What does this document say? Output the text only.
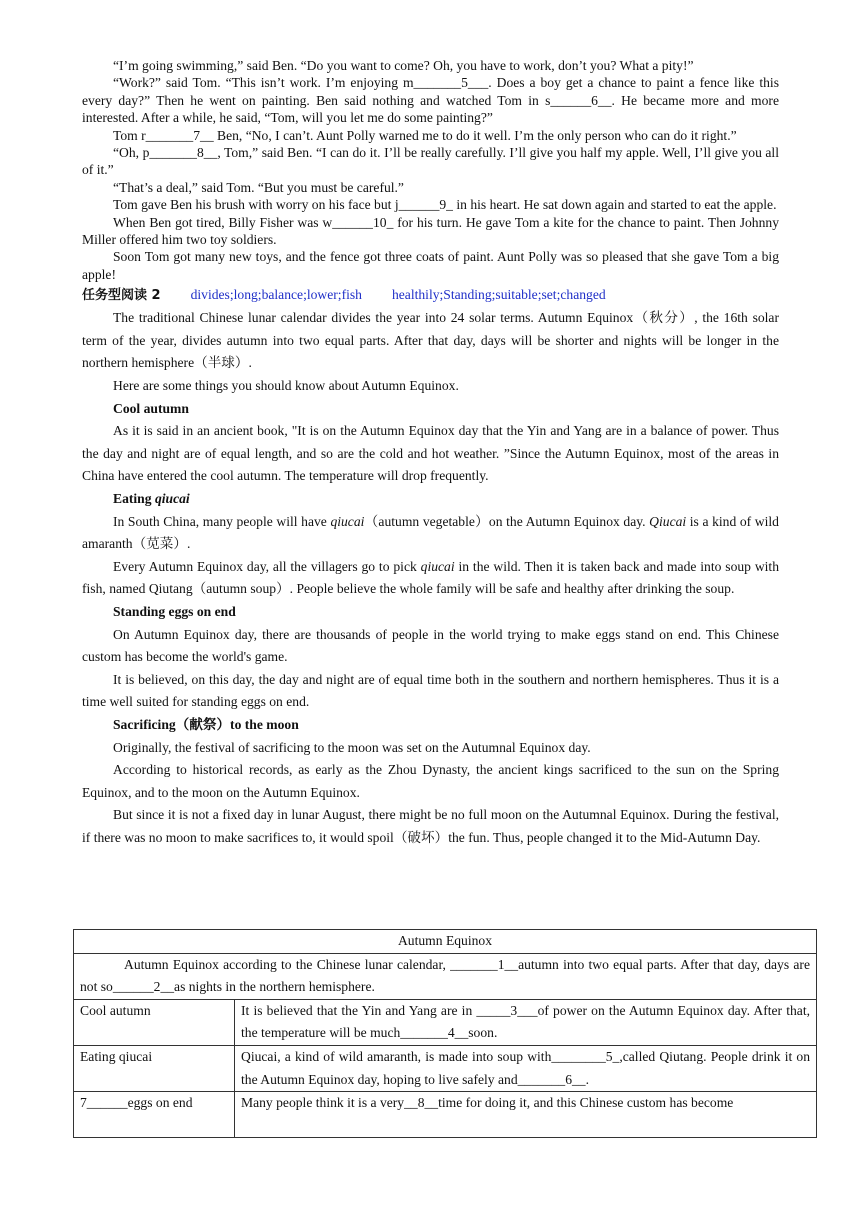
“I’m going swimming,” said Ben. “Do you want to come? Oh, you have to work, don’t you? What a pity!”

“Work?” said Tom. “This isn’t work. I’m enjoying m_______5___. Does a boy get a chance to paint a fence like this every day?” Then he went on painting. Ben said nothing and watched Tom in s______6__. He became more and more interested. After a while, he said, “Tom, will you let me do some painting?”

Tom r_______7__ Ben, “No, I can’t. Aunt Polly warned me to do it well. I’m the only person who can do it right.”

“Oh, p_______8__, Tom,” said Ben. “I can do it. I’ll be really carefully. I’ll give you half my apple. Well, I’ll give you all of it.”

“That’s a deal,” said Tom. “But you must be careful.”

Tom gave Ben his brush with worry on his face but j______9_ in his heart. He sat down again and started to eat the apple.

When Ben got tired, Billy Fisher was w______10_ for his turn. He gave Tom a kite for the chance to paint. Then Johnny Miller offered him two toy soldiers.

Soon Tom got many new toys, and the fence got three coats of paint. Aunt Polly was so pleased that she gave Tom a big apple!

任务型阅读 2 divides;long;balance;lower;fish healthily;Standing;suitable;set;changed

The traditional Chinese lunar calendar divides the year into 24 solar terms. Autumn Equinox（秋分）, the 16th solar term of the year, divides autumn into two equal parts. After that day, days will be shorter and nights will be longer in the northern hemisphere（半球）.

Here are some things you should know about Autumn Equinox.

Cool autumn

As it is said in an ancient book, "It is on the Autumn Equinox day that the Yin and Yang are in a balance of power. Thus the day and night are of equal length, and so are the cold and hot weather. ”Since the Autumn Equinox, most of the areas in China have entered the cool autumn. The temperature will drop frequently.

Eating qiucai

In South China, many people will have qiucai（autumn vegetable）on the Autumn Equinox day. Qiucai is a kind of wild amaranth（苋菜）.

Every Autumn Equinox day, all the villagers go to pick qiucai in the wild. Then it is taken back and made into soup with fish, named Qiutang（autumn soup）. People believe the whole family will be safe and healthy after drinking the soup.

Standing eggs on end

On Autumn Equinox day, there are thousands of people in the world trying to make eggs stand on end. This Chinese custom has become the world's game.

It is believed, on this day, the day and night are of equal time both in the southern and northern hemispheres. Thus it is a time well suited for standing eggs on end.

Sacrificing（献祭）to the moon

Originally, the festival of sacrificing to the moon was set on the Autumnal Equinox day.

According to historical records, as early as the Zhou Dynasty, the ancient kings sacrificed to the sun on the Spring Equinox, and to the moon on the Autumn Equinox.

But since it is not a fixed day in lunar August, there might be no full moon on the Autumnal Equinox. During the festival, if there was no moon to make sacrifices to, it would spoil（破坏）the fun. Thus, people changed it to the Mid-Autumn Day.

Autumn Equinox	
Autumn Equinox according to the Chinese lunar calendar, _______1__autumn into two equal parts. After that day, days are not so______2__as nights in the northern hemisphere.	
Cool autumn	It is believed that the Yin and Yang are in _____3___of power on the Autumn Equinox day. After that, the temperature will be much_______4__soon.
Eating qiucai	Qiucai, a kind of wild amaranth, is made into soup with________5_,called Qiutang. People drink it on the Autumn Equinox day, hoping to live safely and_______6__.
7______eggs on end	Many people think it is a very__8__time for doing it, and this Chinese custom has become
